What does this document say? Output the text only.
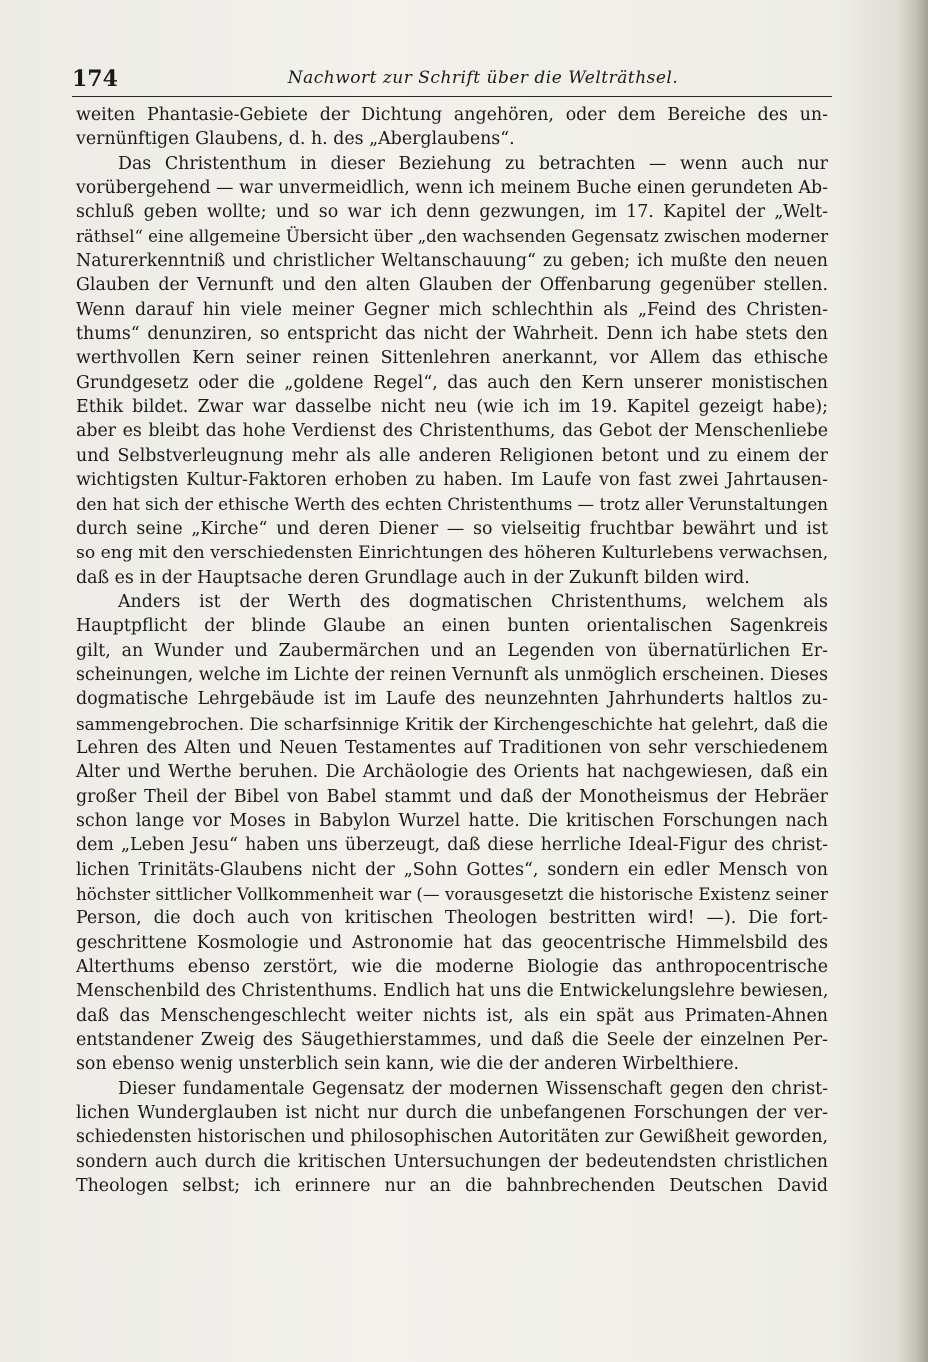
174	Nachwort zur Schrift über die Welträthsel.
weiten Phantasie-Gebiete der Dichtung angehören, oder dem Bereiche des un-
vernünftigen Glaubens, d. h. des „Aberglaubens“.
Das Christenthum in dieser Beziehung zu betrachten — wenn auch nur
vorübergehend — war unvermeidlich, wenn ich meinem Buche einen gerundeten Ab-
schluß geben wollte; und so war ich denn gezwungen, im 17. Kapitel der „Welt-
räthsel“ eine allgemeine Übersicht über „den wachsenden Gegensatz zwischen moderner
Naturerkenntniß und christlicher Weltanschauung“ zu geben; ich mußte den neuen
Glauben der Vernunft und den alten Glauben der Offenbarung gegenüber stellen.
Wenn darauf hin viele meiner Gegner mich schlechthin als „Feind des Christen-
thums“ denunziren, so entspricht das nicht der Wahrheit. Denn ich habe stets den
werthvollen Kern seiner reinen Sittenlehren anerkannt, vor Allem das ethische
Grundgesetz oder die „goldene Regel“, das auch den Kern unserer monistischen
Ethik bildet. Zwar war dasselbe nicht neu (wie ich im 19. Kapitel gezeigt habe);
aber es bleibt das hohe Verdienst des Christenthums, das Gebot der Menschenliebe
und Selbstverleugnung mehr als alle anderen Religionen betont und zu einem der
wichtigsten Kultur-Faktoren erhoben zu haben. Im Laufe von fast zwei Jahrtausen-
den hat sich der ethische Werth des echten Christenthums — trotz aller Verunstaltungen
durch seine „Kirche“ und deren Diener — so vielseitig fruchtbar bewährt und ist
so eng mit den verschiedensten Einrichtungen des höheren Kulturlebens verwachsen,
daß es in der Hauptsache deren Grundlage auch in der Zukunft bilden wird.
Anders ist der Werth des dogmatischen Christenthums, welchem als
Hauptpflicht der blinde Glaube an einen bunten orientalischen Sagenkreis
gilt, an Wunder und Zaubermärchen und an Legenden von übernatürlichen Er-
scheinungen, welche im Lichte der reinen Vernunft als unmöglich erscheinen. Dieses
dogmatische Lehrgebäude ist im Laufe des neunzehnten Jahrhunderts haltlos zu-
sammengebrochen. Die scharfsinnige Kritik der Kirchengeschichte hat gelehrt, daß die
Lehren des Alten und Neuen Testamentes auf Traditionen von sehr verschiedenem
Alter und Werthe beruhen. Die Archäologie des Orients hat nachgewiesen, daß ein
großer Theil der Bibel von Babel stammt und daß der Monotheismus der Hebräer
schon lange vor Moses in Babylon Wurzel hatte. Die kritischen Forschungen nach
dem „Leben Jesu“ haben uns überzeugt, daß diese herrliche Ideal-Figur des christ-
lichen Trinitäts-Glaubens nicht der „Sohn Gottes“, sondern ein edler Mensch von
höchster sittlicher Vollkommenheit war (— vorausgesetzt die historische Existenz seiner
Person, die doch auch von kritischen Theologen bestritten wird! —). Die fort-
geschrittene Kosmologie und Astronomie hat das geocentrische Himmelsbild des
Alterthums ebenso zerstört, wie die moderne Biologie das anthropocentrische
Menschenbild des Christenthums. Endlich hat uns die Entwickelungslehre bewiesen,
daß das Menschengeschlecht weiter nichts ist, als ein spät aus Primaten-Ahnen
entstandener Zweig des Säugethierstammes, und daß die Seele der einzelnen Per-
son ebenso wenig unsterblich sein kann, wie die der anderen Wirbelthiere.
Dieser fundamentale Gegensatz der modernen Wissenschaft gegen den christ-
lichen Wunderglauben ist nicht nur durch die unbefangenen Forschungen der ver-
schiedensten historischen und philosophischen Autoritäten zur Gewißheit geworden,
sondern auch durch die kritischen Untersuchungen der bedeutendsten christlichen
Theologen selbst; ich erinnere nur an die bahnbrechenden Deutschen David
